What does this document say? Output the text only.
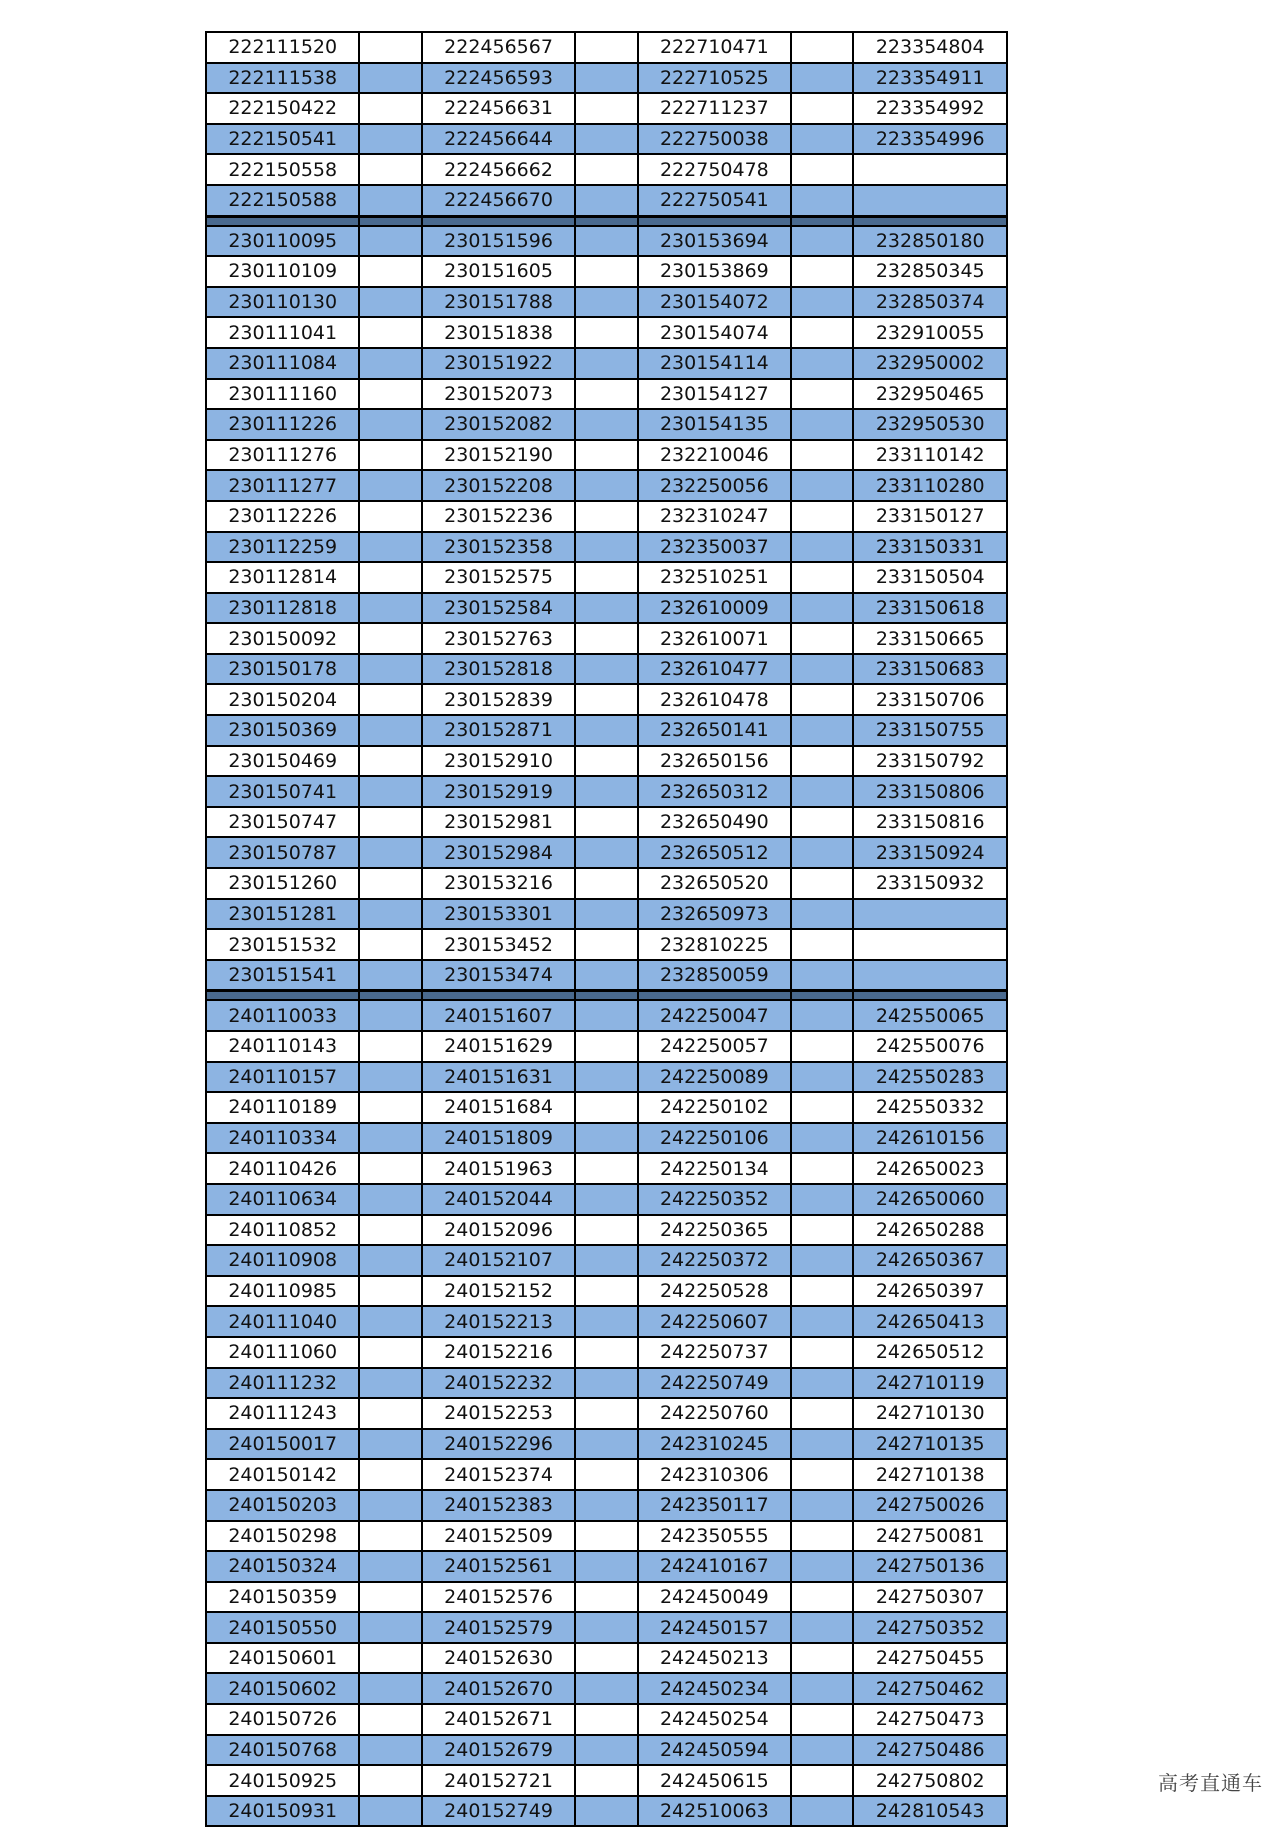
222111520		222456567		222710471		223354804
222111538		222456593		222710525		223354911
222150422		222456631		222711237		223354992
222150541		222456644		222750038		223354996
222150558		222456662		222750478		
222150588		222456670		222750541		

230110095		230151596		230153694		232850180
230110109		230151605		230153869		232850345
230110130		230151788		230154072		232850374
230111041		230151838		230154074		232910055
230111084		230151922		230154114		232950002
230111160		230152073		230154127		232950465
230111226		230152082		230154135		232950530
230111276		230152190		232210046		233110142
230111277		230152208		232250056		233110280
230112226		230152236		232310247		233150127
230112259		230152358		232350037		233150331
230112814		230152575		232510251		233150504
230112818		230152584		232610009		233150618
230150092		230152763		232610071		233150665
230150178		230152818		232610477		233150683
230150204		230152839		232610478		233150706
230150369		230152871		232650141		233150755
230150469		230152910		232650156		233150792
230150741		230152919		232650312		233150806
230150747		230152981		232650490		233150816
230150787		230152984		232650512		233150924
230151260		230153216		232650520		233150932
230151281		230153301		232650973		
230151532		230153452		232810225		
230151541		230153474		232850059		

240110033		240151607		242250047		242550065
240110143		240151629		242250057		242550076
240110157		240151631		242250089		242550283
240110189		240151684		242250102		242550332
240110334		240151809		242250106		242610156
240110426		240151963		242250134		242650023
240110634		240152044		242250352		242650060
240110852		240152096		242250365		242650288
240110908		240152107		242250372		242650367
240110985		240152152		242250528		242650397
240111040		240152213		242250607		242650413
240111060		240152216		242250737		242650512
240111232		240152232		242250749		242710119
240111243		240152253		242250760		242710130
240150017		240152296		242310245		242710135
240150142		240152374		242310306		242710138
240150203		240152383		242350117		242750026
240150298		240152509		242350555		242750081
240150324		240152561		242410167		242750136
240150359		240152576		242450049		242750307
240150550		240152579		242450157		242750352
240150601		240152630		242450213		242750455
240150602		240152670		242450234		242750462
240150726		240152671		242450254		242750473
240150768		240152679		242450594		242750486
240150925		240152721		242450615		242750802
240150931		240152749		242510063		242810543
高考直通车
